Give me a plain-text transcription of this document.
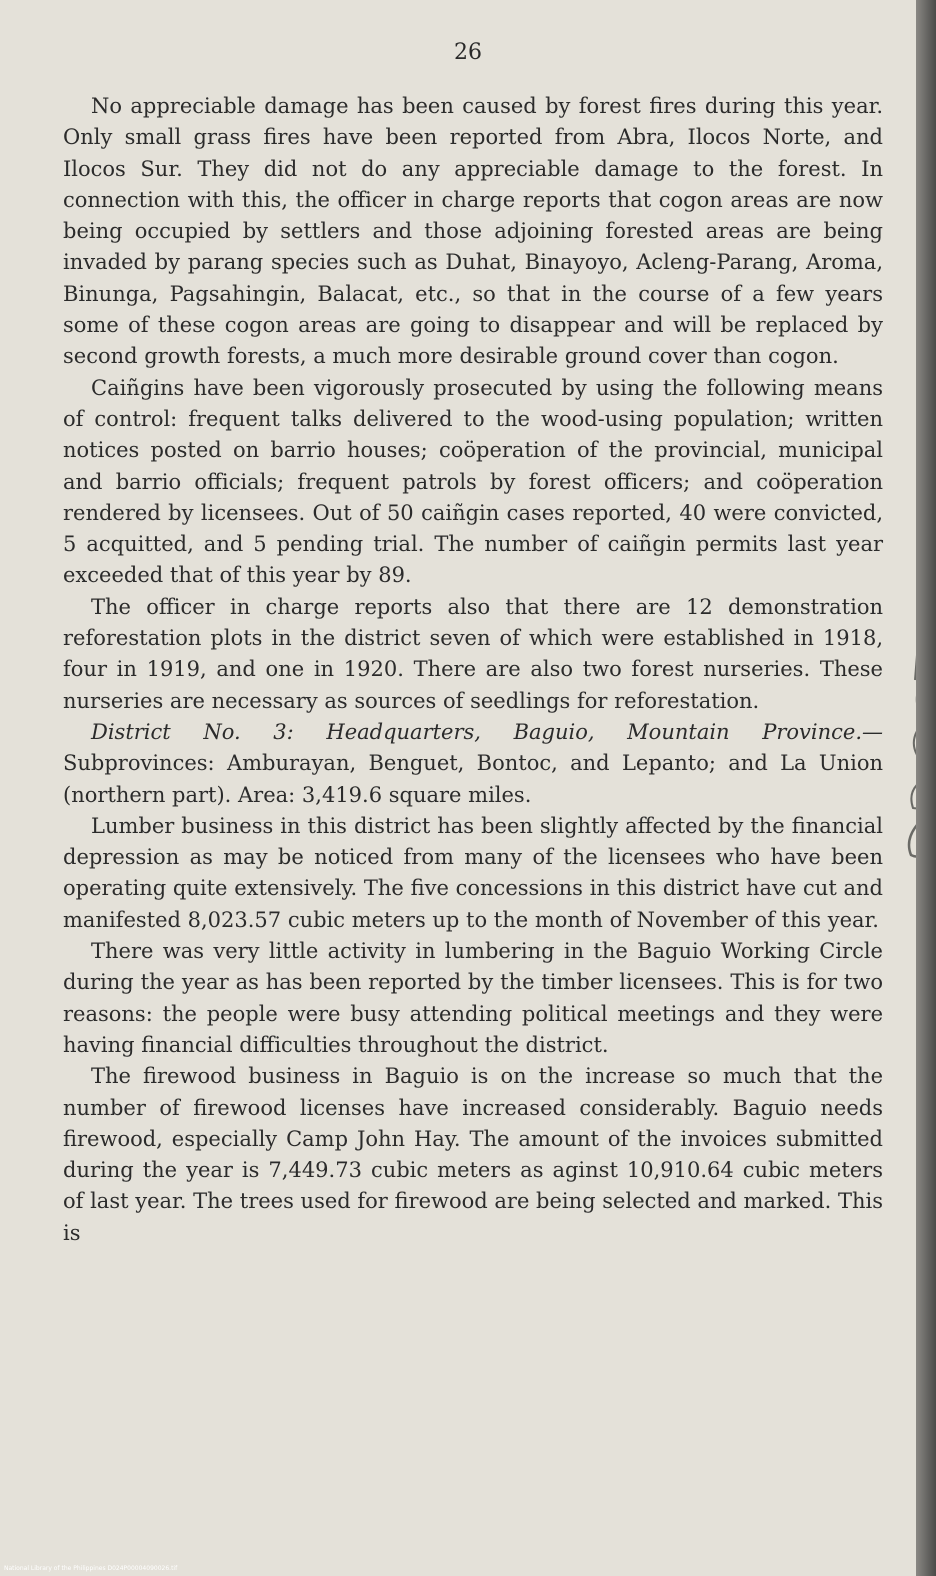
26

No appreciable damage has been caused by forest fires during this year. Only small grass fires have been reported from Abra, Ilocos Norte, and Ilocos Sur. They did not do any appreciable damage to the forest. In connection with this, the officer in charge reports that cogon areas are now being occupied by settlers and those adjoining forested areas are being invaded by parang species such as Duhat, Binayoyo, Acleng-Parang, Aroma, Binunga, Pagsahingin, Balacat, etc., so that in the course of a few years some of these cogon areas are going to disappear and will be replaced by second growth forests, a much more desirable ground cover than cogon.

Caiñgins have been vigorously prosecuted by using the following means of control: frequent talks delivered to the wood-using population; written notices posted on barrio houses; coöperation of the provincial, municipal and barrio officials; frequent patrols by forest officers; and coöperation rendered by licensees. Out of 50 caiñgin cases reported, 40 were convicted, 5 acquitted, and 5 pending trial. The number of caiñgin permits last year exceeded that of this year by 89.

The officer in charge reports also that there are 12 demonstration reforestation plots in the district seven of which were established in 1918, four in 1919, and one in 1920. There are also two forest nurseries. These nurseries are necessary as sources of seedlings for reforestation.

District No. 3: Headquarters, Baguio, Mountain Province.— Subprovinces: Amburayan, Benguet, Bontoc, and Lepanto; and La Union (northern part). Area: 3,419.6 square miles.

Lumber business in this district has been slightly affected by the financial depression as may be noticed from many of the licensees who have been operating quite extensively. The five concessions in this district have cut and manifested 8,023.57 cubic meters up to the month of November of this year.

There was very little activity in lumbering in the Baguio Working Circle during the year as has been reported by the timber licensees. This is for two reasons: the people were busy attending political meetings and they were having financial difficulties throughout the district.

The firewood business in Baguio is on the increase so much that the number of firewood licenses have increased considerably. Baguio needs firewood, especially Camp John Hay. The amount of the invoices submitted during the year is 7,449.73 cubic meters as aginst 10,910.64 cubic meters of last year. The trees used for firewood are being selected and marked. This is

National Library of the Philippines D024P00004090026.tif
